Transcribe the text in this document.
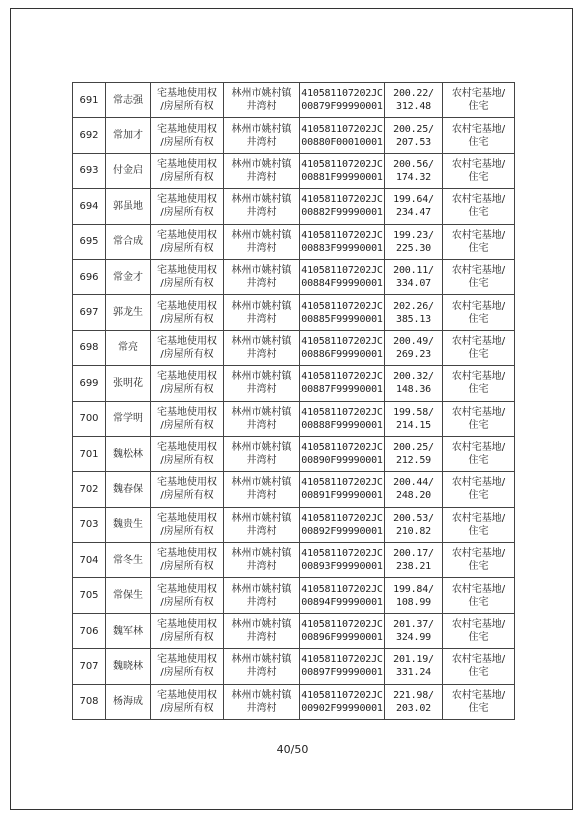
691	常志强	宅基地使用权
/房屋所有权	林州市姚村镇
井湾村	410581107202JC
00879F99990001	200.22/
312.48	农村宅基地/
住宅

692	常加才	宅基地使用权
/房屋所有权	林州市姚村镇
井湾村	410581107202JC
00880F00010001	200.25/
207.53	农村宅基地/
住宅

693	付金启	宅基地使用权
/房屋所有权	林州市姚村镇
井湾村	410581107202JC
00881F99990001	200.56/
174.32	农村宅基地/
住宅

694	郭虽地	宅基地使用权
/房屋所有权	林州市姚村镇
井湾村	410581107202JC
00882F99990001	199.64/
234.47	农村宅基地/
住宅

695	常合成	宅基地使用权
/房屋所有权	林州市姚村镇
井湾村	410581107202JC
00883F99990001	199.23/
225.30	农村宅基地/
住宅

696	常金才	宅基地使用权
/房屋所有权	林州市姚村镇
井湾村	410581107202JC
00884F99990001	200.11/
334.07	农村宅基地/
住宅

697	郭龙生	宅基地使用权
/房屋所有权	林州市姚村镇
井湾村	410581107202JC
00885F99990001	202.26/
385.13	农村宅基地/
住宅

698	常亮	宅基地使用权
/房屋所有权	林州市姚村镇
井湾村	410581107202JC
00886F99990001	200.49/
269.23	农村宅基地/
住宅

699	张明花	宅基地使用权
/房屋所有权	林州市姚村镇
井湾村	410581107202JC
00887F99990001	200.32/
148.36	农村宅基地/
住宅

700	常学明	宅基地使用权
/房屋所有权	林州市姚村镇
井湾村	410581107202JC
00888F99990001	199.58/
214.15	农村宅基地/
住宅

701	魏松林	宅基地使用权
/房屋所有权	林州市姚村镇
井湾村	410581107202JC
00890F99990001	200.25/
212.59	农村宅基地/
住宅

702	魏春保	宅基地使用权
/房屋所有权	林州市姚村镇
井湾村	410581107202JC
00891F99990001	200.44/
248.20	农村宅基地/
住宅

703	魏贵生	宅基地使用权
/房屋所有权	林州市姚村镇
井湾村	410581107202JC
00892F99990001	200.53/
210.82	农村宅基地/
住宅

704	常冬生	宅基地使用权
/房屋所有权	林州市姚村镇
井湾村	410581107202JC
00893F99990001	200.17/
238.21	农村宅基地/
住宅

705	常保生	宅基地使用权
/房屋所有权	林州市姚村镇
井湾村	410581107202JC
00894F99990001	199.84/
108.99	农村宅基地/
住宅

706	魏军林	宅基地使用权
/房屋所有权	林州市姚村镇
井湾村	410581107202JC
00896F99990001	201.37/
324.99	农村宅基地/
住宅

707	魏晓林	宅基地使用权
/房屋所有权	林州市姚村镇
井湾村	410581107202JC
00897F99990001	201.19/
331.24	农村宅基地/
住宅

708	杨海成	宅基地使用权
/房屋所有权	林州市姚村镇
井湾村	410581107202JC
00902F99990001	221.98/
203.02	农村宅基地/
住宅
40/50
